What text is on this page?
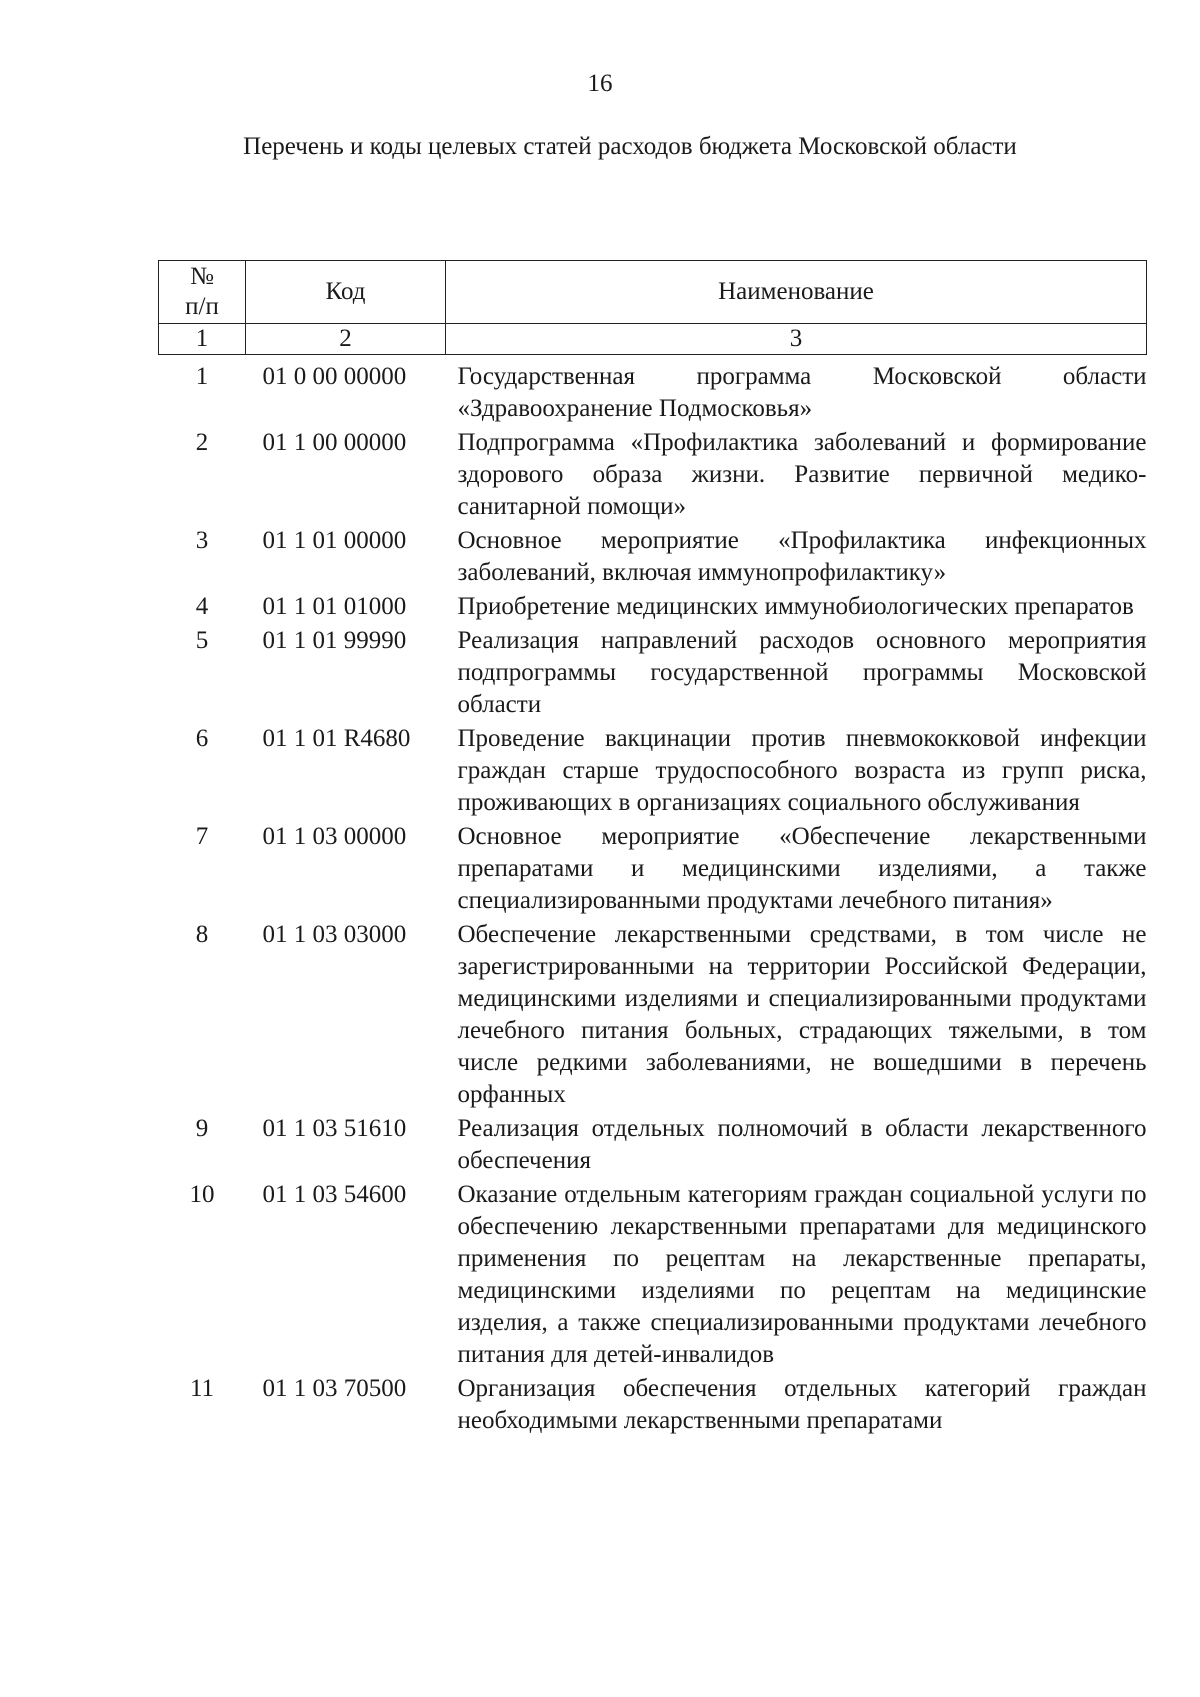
16
Перечень и коды целевых статей расходов бюджета Московской области
№
п/п	Код	Наименование
1	2	3
1	01 0 00 00000	Государственная программа Московской области «Здравоохранение Подмосковья»
2	01 1 00 00000	Подпрограмма «Профилактика заболеваний и формирование здорового образа жизни. Развитие первичной медико-санитарной помощи»
3	01 1 01 00000	Основное мероприятие «Профилактика инфекционных заболеваний, включая иммунопрофилактику»
4	01 1 01 01000	Приобретение медицинских иммунобиологических препаратов
5	01 1 01 99990	Реализация направлений расходов основного мероприятия подпрограммы государственной программы Московской области
6	01 1 01 R4680	Проведение вакцинации против пневмококковой инфекции граждан старше трудоспособного возраста из групп риска, проживающих в организациях социального обслуживания
7	01 1 03 00000	Основное мероприятие «Обеспечение лекарственными препаратами и медицинскими изделиями, а также специализированными продуктами лечебного питания»
8	01 1 03 03000	Обеспечение лекарственными средствами, в том числе не зарегистрированными на территории Российской Федерации, медицинскими изделиями и специализированными продуктами лечебного питания больных, страдающих тяжелыми, в том числе редкими заболеваниями, не вошедшими в перечень орфанных
9	01 1 03 51610	Реализация отдельных полномочий в области лекарственного обеспечения
10	01 1 03 54600	Оказание отдельным категориям граждан социальной услуги по обеспечению лекарственными препаратами для медицинского применения по рецептам на лекарственные препараты, медицинскими изделиями по рецептам на медицинские изделия, а также специализированными продуктами лечебного питания для детей-инвалидов
11	01 1 03 70500	Организация обеспечения отдельных категорий граждан необходимыми лекарственными препаратами
